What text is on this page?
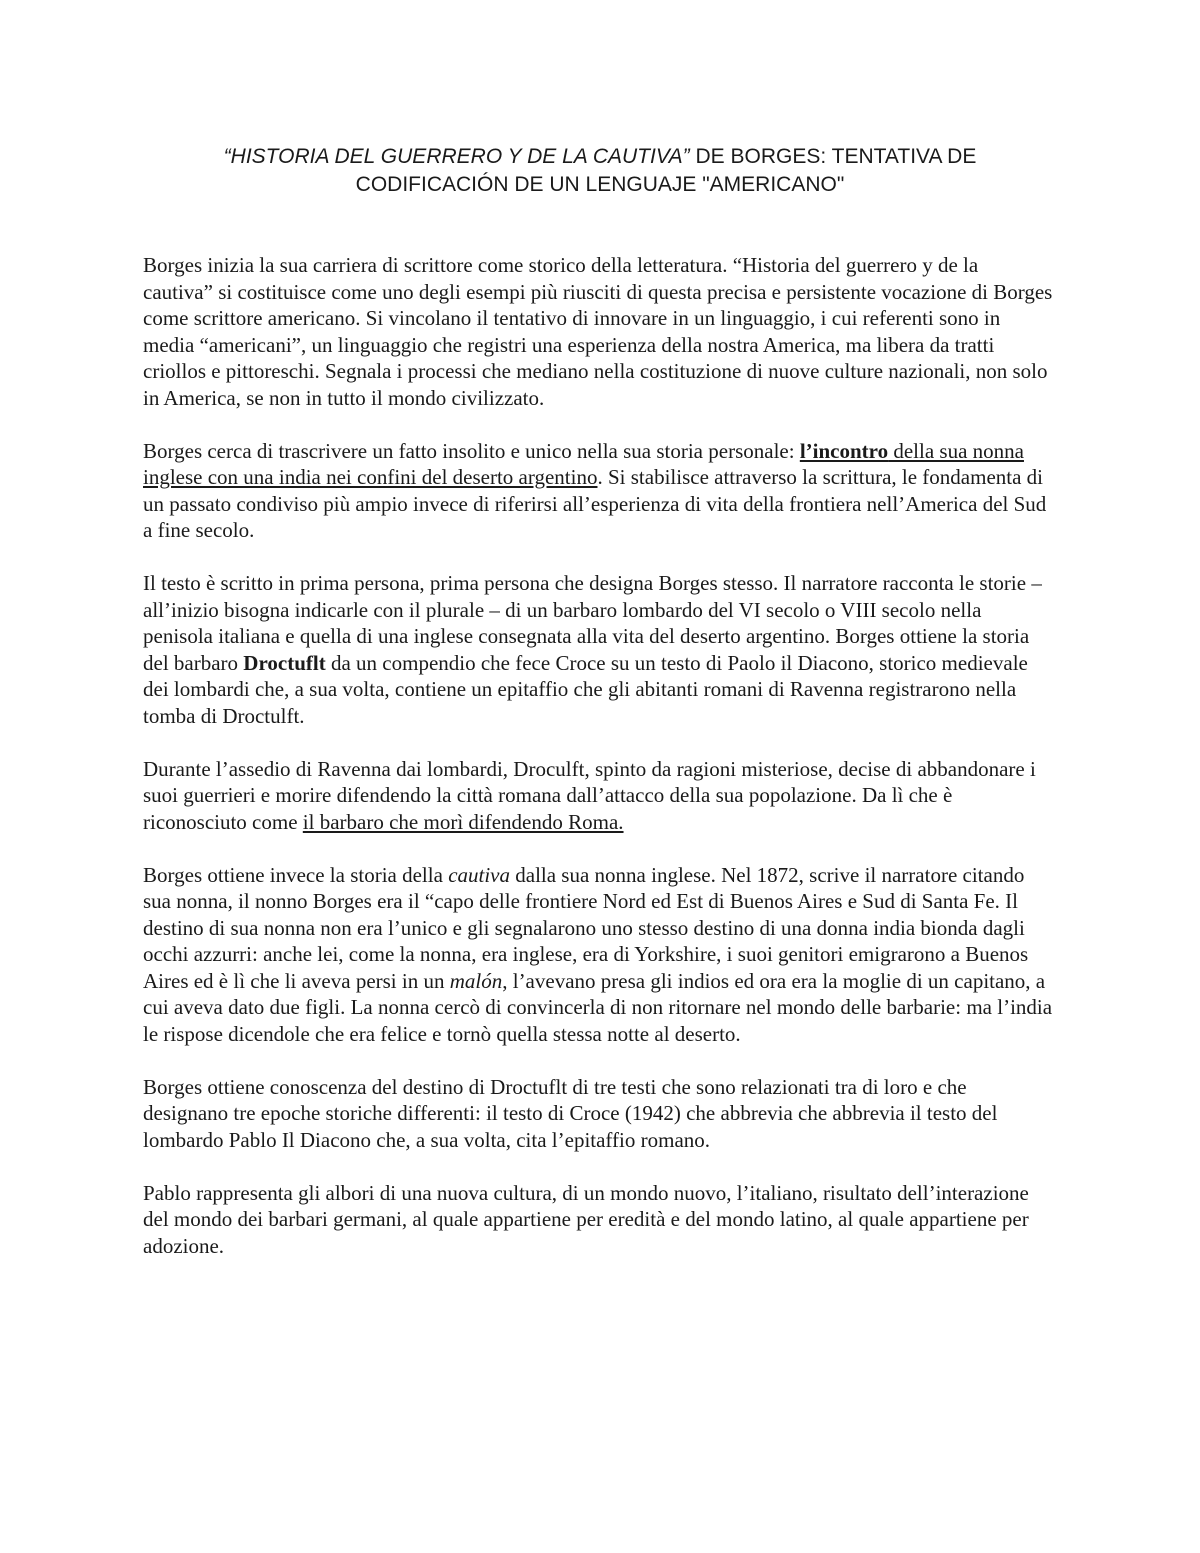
“HISTORIA DEL GUERRERO Y DE LA CAUTIVA” DE BORGES: TENTATIVA DE
CODIFICACIÓN DE UN LENGUAJE "AMERICANO"

Borges inizia la sua carriera di scrittore come storico della letteratura. “Historia del guerrero y de la cautiva” si costituisce come uno degli esempi più riusciti di questa precisa e persistente vocazione di Borges come scrittore americano. Si vincolano il tentativo di innovare in un linguaggio, i cui referenti sono in media “americani”, un linguaggio che registri una esperienza della nostra America, ma libera da tratti criollos e pittoreschi. Segnala i processi che mediano nella costituzione di nuove culture nazionali, non solo in America, se non in tutto il mondo civilizzato.

Borges cerca di trascrivere un fatto insolito e unico nella sua storia personale: l’incontro della sua nonna inglese con una india nei confini del deserto argentino. Si stabilisce attraverso la scrittura, le fondamenta di un passato condiviso più ampio invece di riferirsi all’esperienza di vita della frontiera nell’America del Sud a fine secolo.

Il testo è scritto in prima persona, prima persona che designa Borges stesso. Il narratore racconta le storie – all’inizio bisogna indicarle con il plurale – di un barbaro lombardo del VI secolo o VIII secolo nella penisola italiana e quella di una inglese consegnata alla vita del deserto argentino. Borges ottiene la storia del barbaro Droctuflt da un compendio che fece Croce su un testo di Paolo il Diacono, storico medievale dei lombardi che, a sua volta, contiene un epitaffio che gli abitanti romani di Ravenna registrarono nella tomba di Droctulft.

Durante l’assedio di Ravenna dai lombardi, Droculft, spinto da ragioni misteriose, decise di abbandonare i suoi guerrieri e morire difendendo la città romana dall’attacco della sua popolazione. Da lì che è riconosciuto come il barbaro che morì difendendo Roma.

Borges ottiene invece la storia della cautiva dalla sua nonna inglese. Nel 1872, scrive il narratore citando sua nonna, il nonno Borges era il “capo delle frontiere Nord ed Est di Buenos Aires e Sud di Santa Fe. Il destino di sua nonna non era l’unico e gli segnalarono uno stesso destino di una donna india bionda dagli occhi azzurri: anche lei, come la nonna, era inglese, era di Yorkshire, i suoi genitori emigrarono a Buenos Aires ed è lì che li aveva persi in un malón, l’avevano presa gli indios ed ora era la moglie di un capitano, a cui aveva dato due figli. La nonna cercò di convincerla di non ritornare nel mondo delle barbarie: ma l’india le rispose dicendole che era felice e tornò quella stessa notte al deserto.

Borges ottiene conoscenza del destino di Droctuflt di tre testi che sono relazionati tra di loro e che designano tre epoche storiche differenti: il testo di Croce (1942) che abbrevia che abbrevia il testo del lombardo Pablo Il Diacono che, a sua volta, cita l’epitaffio romano.

Pablo rappresenta gli albori di una nuova cultura, di un mondo nuovo, l’italiano, risultato dell’interazione del mondo dei barbari germani, al quale appartiene per eredità e del mondo latino, al quale appartiene per adozione.
